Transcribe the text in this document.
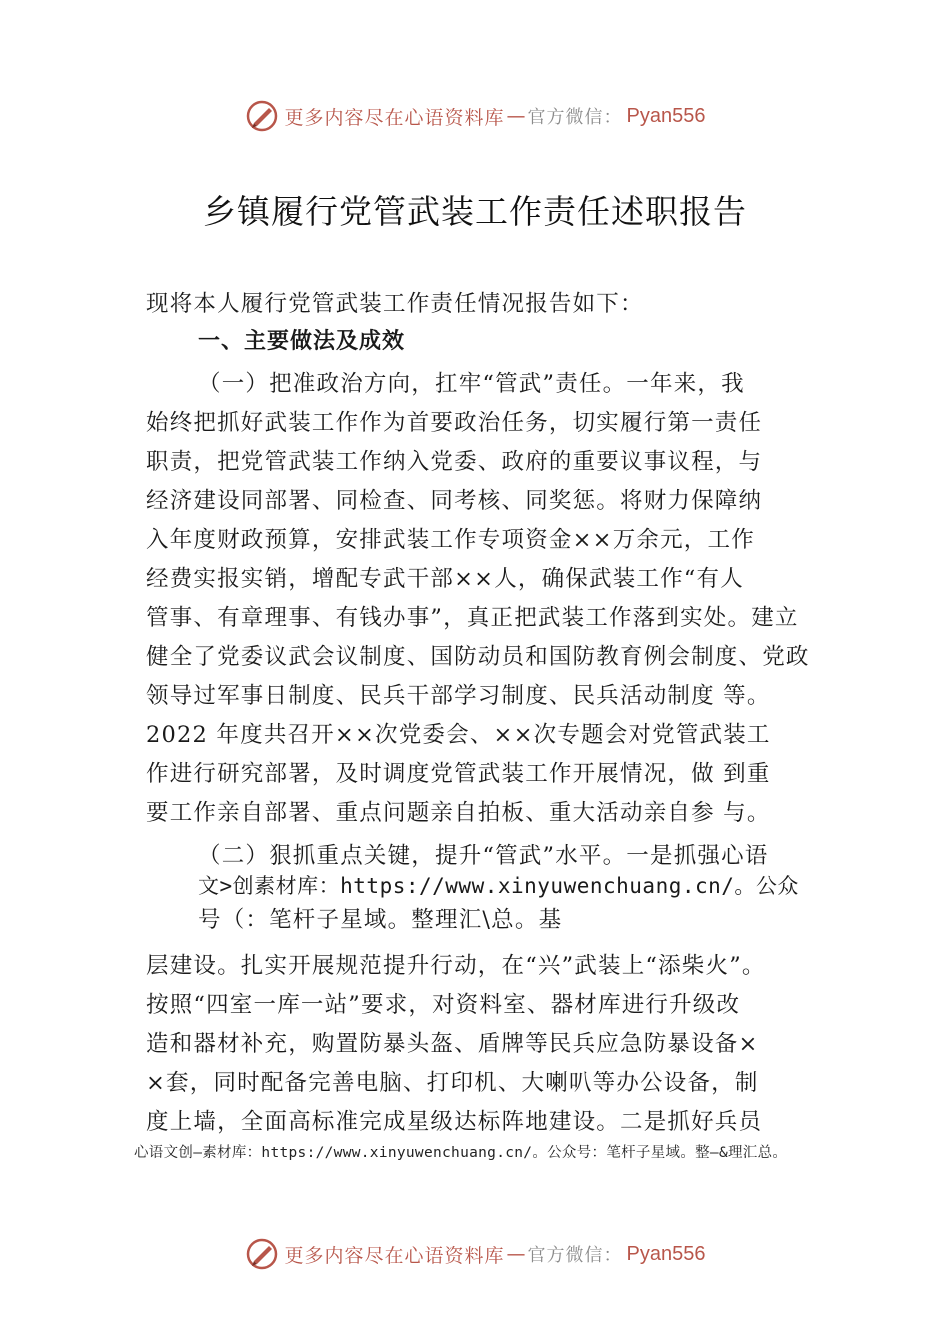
更多内容尽在心语资料库 — 官方微信： Pyan556
乡镇履行党管武装工作责任述职报告
现将本人履行党管武装工作责任情况报告如下：
一、主要做法及成效
（一）把准政治方向，扛牢“管武”责任。一年来，我
始终把抓好武装工作作为首要政治任务，切实履行第一责任
职责，把党管武装工作纳入党委、政府的重要议事议程，与
经济建设同部署、同检查、同考核、同奖惩。将财力保障纳
入年度财政预算，安排武装工作专项资金××万余元，工作
经费实报实销，增配专武干部××人，确保武装工作“有人
管事、有章理事、有钱办事”，真正把武装工作落到实处。建立
健全了党委议武会议制度、国防动员和国防教育例会制度、党政
领导过军事日制度、民兵干部学习制度、民兵活动制度 等。
2022 年度共召开××次党委会、××次专题会对党管武装工
作进行研究部署，及时调度党管武装工作开展情况，做 到重
要工作亲自部署、重点问题亲自拍板、重大活动亲自参 与。
（二）狠抓重点关键，提升“管武”水平。一是抓强心语
文>创素材库：https://www.xinyuwenchuang.cn/。公众
号（：笔杆子星域。整理汇\总。基
层建设。扎实开展规范提升行动，在“兴”武装上“添柴火”。
按照“四室一库一站”要求，对资料室、器材库进行升级改
造和器材补充，购置防暴头盔、盾牌等民兵应急防暴设备×
×套，同时配备完善电脑、打印机、大喇叭等办公设备，制
度上墙，全面高标准完成星级达标阵地建设。二是抓好兵员
心语文创—素材库：https://www.xinyuwenchuang.cn/。公众号：笔杆子星域。整—&理汇总。
更多内容尽在心语资料库 — 官方微信： Pyan556
